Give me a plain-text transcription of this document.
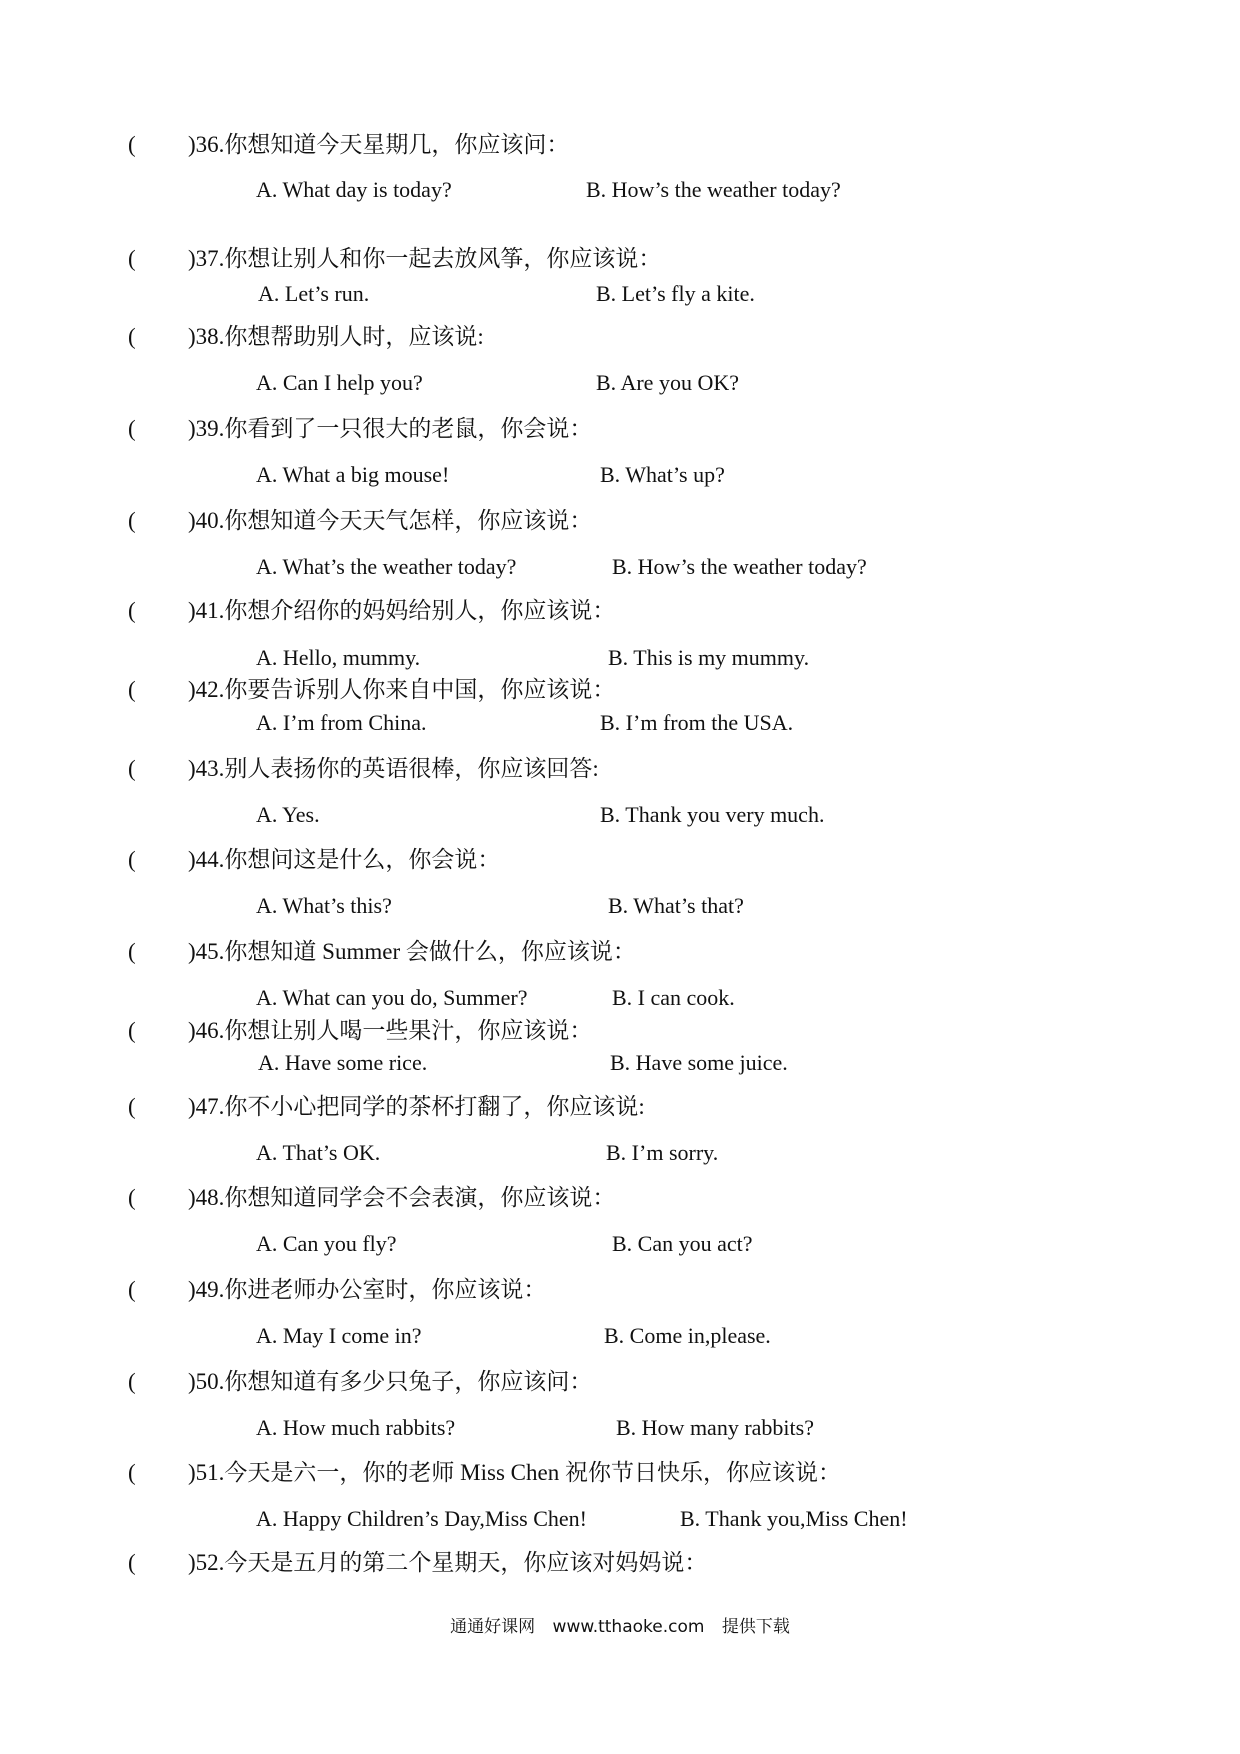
( )36.你想知道今天星期几，你应该问：
A. What day is today?	B. How’s the weather today?
( )37.你想让别人和你一起去放风筝，你应该说：
A. Let’s run.	B. Let’s fly a kite.
( )38.你想帮助别人时，应该说:
A. Can I help you?	B. Are you OK?
( )39.你看到了一只很大的老鼠，你会说：
A. What a big mouse!	B. What’s up?
( )40.你想知道今天天气怎样，你应该说：
A. What’s the weather today?	B. How’s the weather today?
( )41.你想介绍你的妈妈给别人，你应该说：
A. Hello, mummy.	B. This is my mummy.
( )42.你要告诉别人你来自中国，你应该说：
A. I’m from China.	B. I’m from the USA.
( )43.别人表扬你的英语很棒，你应该回答:
A. Yes.	B. Thank you very much.
( )44.你想问这是什么，你会说：
A. What’s this?	B. What’s that?
( )45.你想知道 Summer 会做什么，你应该说：
A. What can you do, Summer?	B. I can cook.
( )46.你想让别人喝一些果汁，你应该说：
A. Have some rice.	B. Have some juice.
( )47.你不小心把同学的茶杯打翻了，你应该说:
A. That’s OK.	B. I’m sorry.
( )48.你想知道同学会不会表演，你应该说：
A. Can you fly?	B. Can you act?
( )49.你进老师办公室时，你应该说：
A. May I come in?	B. Come in,please.
( )50.你想知道有多少只兔子，你应该问：
A. How much rabbits?	B. How many rabbits?
( )51.今天是六一，你的老师 Miss Chen 祝你节日快乐，你应该说：
A. Happy Children’s Day,Miss Chen!	B. Thank you,Miss Chen!
( )52.今天是五月的第二个星期天，你应该对妈妈说：
通通好课网 www.tthaoke.com 提供下载
